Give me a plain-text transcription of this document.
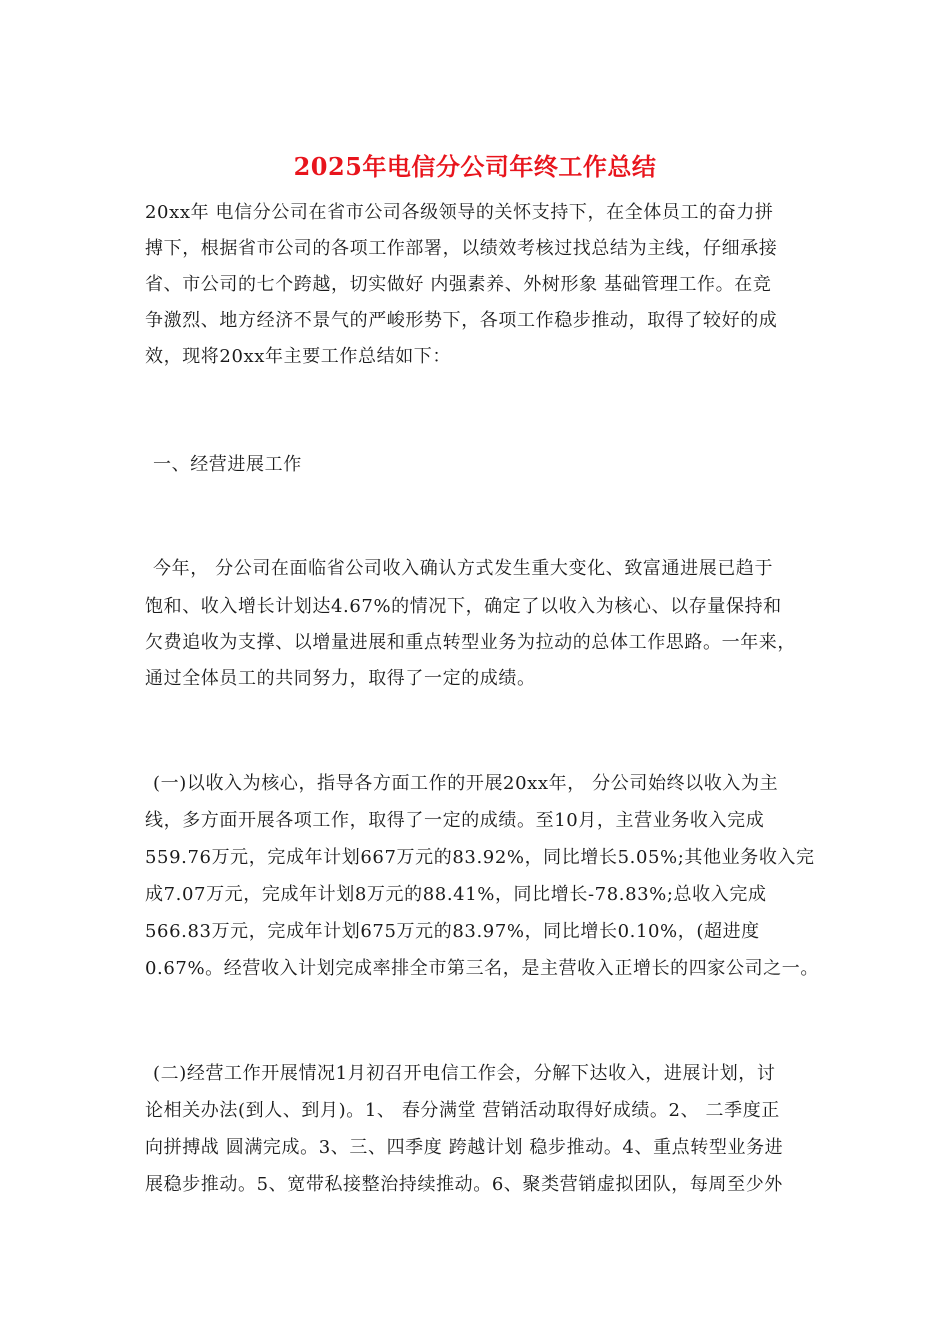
2025年电信分公司年终工作总结
20xx年 电信分公司在省市公司各级领导的关怀支持下，在全体员工的奋力拼
搏下，根据省市公司的各项工作部署，以绩效考核过找总结为主线，仔细承接
省、市公司的七个跨越，切实做好 内强素养、外树形象 基础管理工作。在竞
争激烈、地方经济不景气的严峻形势下，各项工作稳步推动，取得了较好的成
效，现将20xx年主要工作总结如下：
一、经营进展工作
今年， 分公司在面临省公司收入确认方式发生重大变化、致富通进展已趋于
饱和、收入增长计划达4.67%的情况下，确定了以收入为核心、以存量保持和
欠费追收为支撑、以增量进展和重点转型业务为拉动的总体工作思路。一年来，
通过全体员工的共同努力，取得了一定的成绩。
(一)以收入为核心，指导各方面工作的开展20xx年， 分公司始终以收入为主
线，多方面开展各项工作，取得了一定的成绩。至10月，主营业务收入完成
559.76万元，完成年计划667万元的83.92%，同比增长5.05%;其他业务收入完
成7.07万元，完成年计划8万元的88.41%，同比增长-78.83%;总收入完成
566.83万元，完成年计划675万元的83.97%，同比增长0.10%，(超进度
0.67%。经营收入计划完成率排全市第三名，是主营收入正增长的四家公司之一。
(二)经营工作开展情况1月初召开电信工作会，分解下达收入，进展计划，讨
论相关办法(到人、到月)。1、 春分满堂 营销活动取得好成绩。2、 二季度正
向拼搏战 圆满完成。3、三、四季度 跨越计划 稳步推动。4、重点转型业务进
展稳步推动。5、宽带私接整治持续推动。6、聚类营销虚拟团队，每周至少外
